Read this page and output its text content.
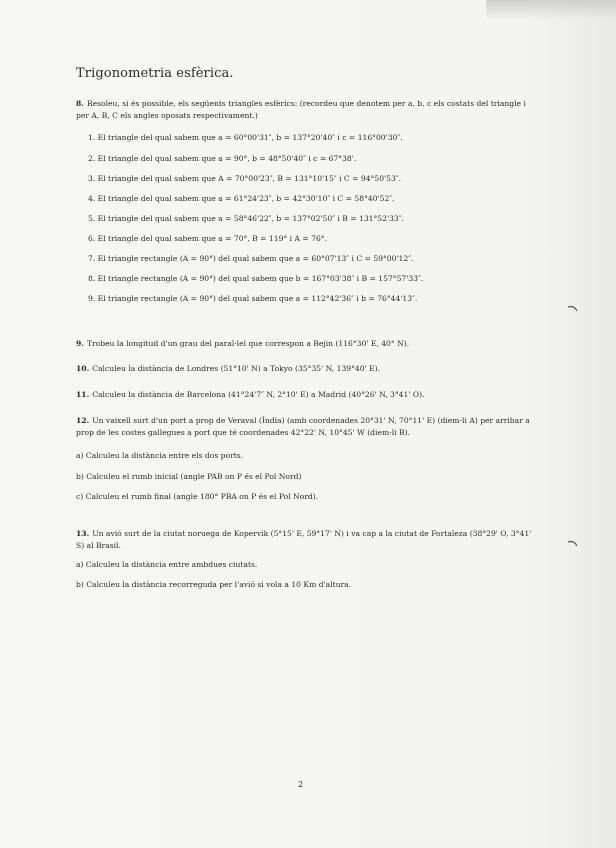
Trigonometria esfèrica.
8. Resoleu, si és possible, els següents triangles esfèrics: (recordeu que denotem per a, b, c els costats del triangle i per A, B, C els angles oposats respectivament.)
1. El triangle del qual sabem que a = 60°00'31″, b = 137°20'40″ i c = 116°00'30″.
2. El triangle del qual sabem que a = 90°, b = 48°50'40″ i c = 67°38'.
3. El triangle del qual sabem que A = 70°00'23″, B = 131°10'15″ i C = 94°50'53″.
4. El triangle del qual sabem que a = 61°24'23″, b = 42°30'10″ i C = 58°40'52″.
5. El triangle del qual sabem que a = 58°46'22″, b = 137°02'50″ i B = 131°52'33″.
6. El triangle del qual sabem que a = 70°, B = 119° i A = 76°.
7. El triangle rectangle (A = 90°) del qual sabem que a = 60°07'13″ i C = 59°00'12″.
8. El triangle rectangle (A = 90°) del qual sabem que b = 167°03'38″ i B = 157°57'33″.
9. El triangle rectangle (A = 90°) del qual sabem que a = 112°42'36″ i b = 76°44'13″.
9. Trobeu la longitud d'un grau del paral·lel que correspon a Bejin (116°30' E, 40° N).
10. Calculeu la distància de Londres (51°10' N) a Tokyo (35°35' N, 139°40' E).
11. Calculeu la distància de Barcelona (41°24'7″ N, 2°10' E) a Madrid (40°26' N, 3°41' O).
12. Un vaixell surt d'un port a prop de Veraval (Índia) (amb coordenades 20°31' N, 70°11' E) (diem-li A) per arribar a prop de les costes gallegues a port que té coordenades 42°22' N, 10°45' W (diem-li B).
a) Calculeu la distància entre els dos ports.
b) Calculeu el rumb inicial (angle PAB on P és el Pol Nord)
c) Calculeu el rumb final (angle 180° PBA on P és el Pol Nord).
13. Un avió surt de la ciutat noruega de Kopervik (5°15' E, 59°17' N) i va cap a la ciutat de Fortaleza (38°29' O, 3°41' S) al Brasil.
a) Calculeu la distància entre ambdues ciutats.
b) Calculeu la distància recorreguda per l'avió si vola a 10 Km d'altura.
2
